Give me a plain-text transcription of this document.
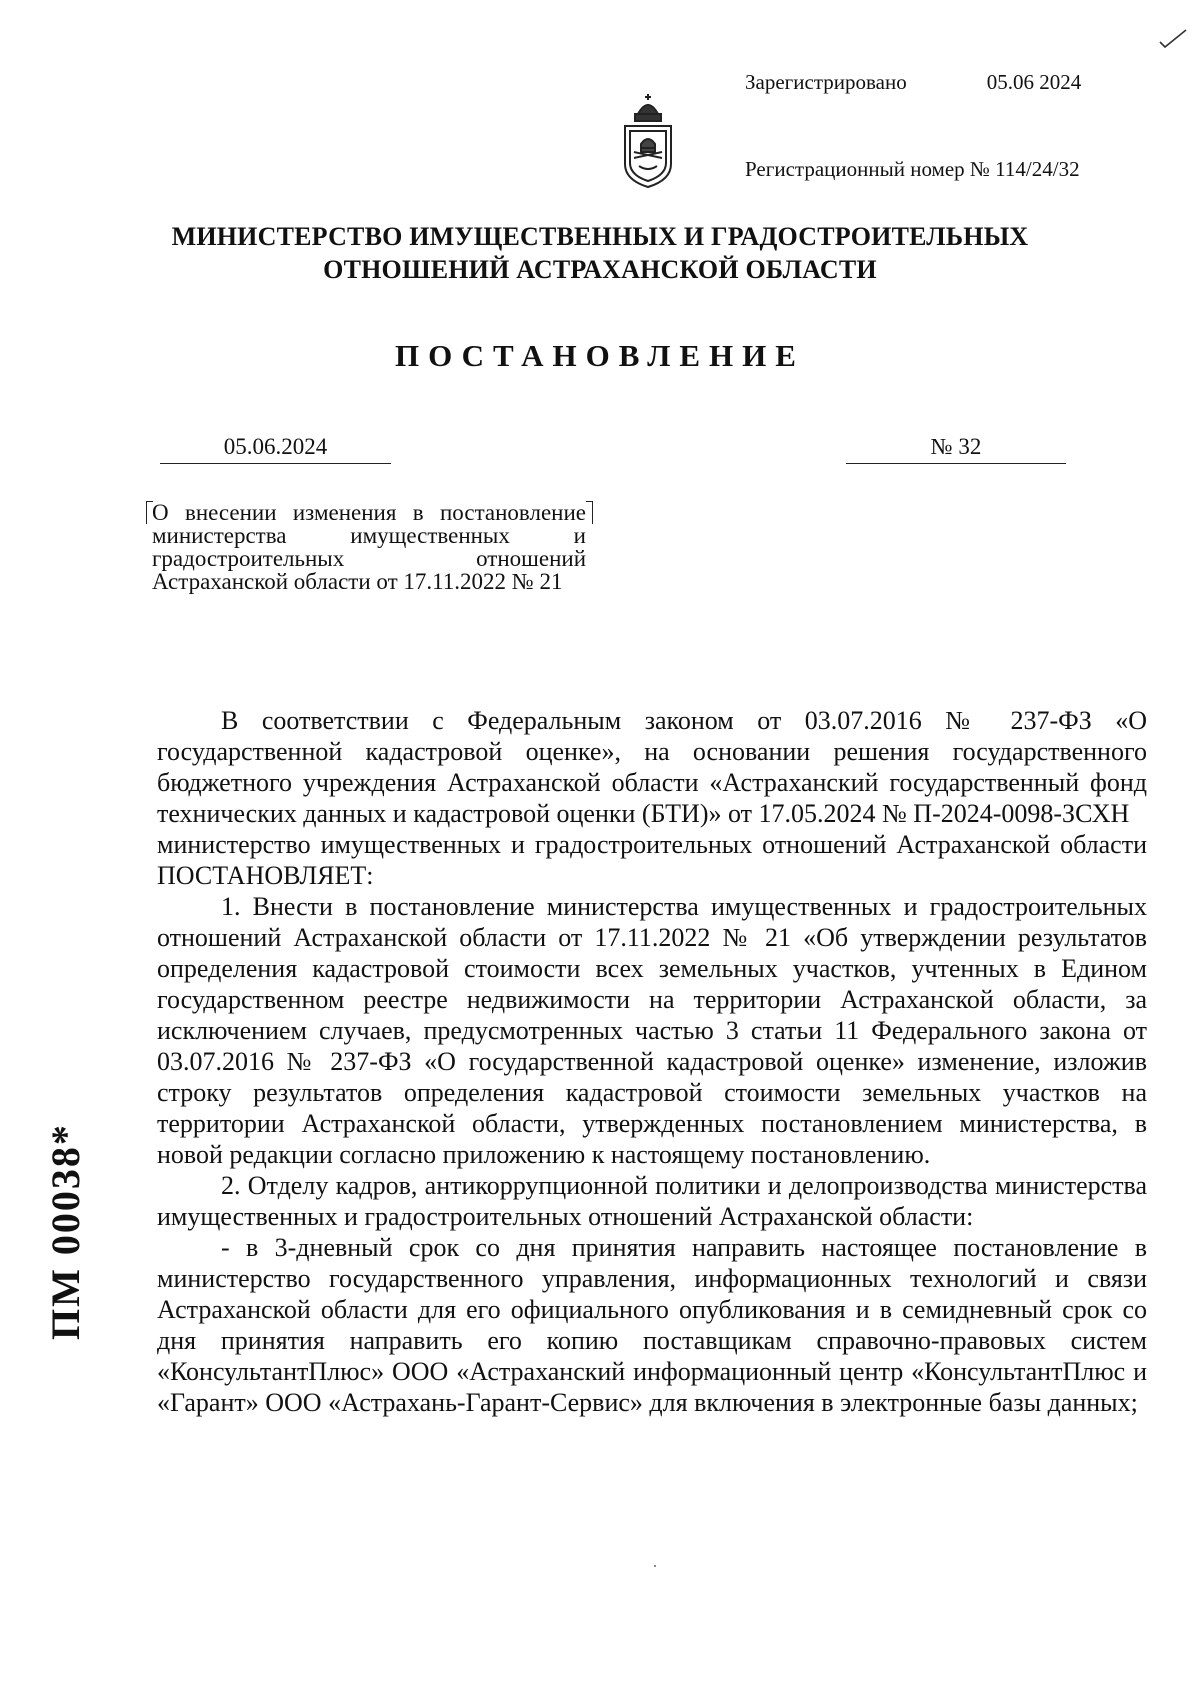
Зарегистрировано	05.06 2024

Регистрационный номер № 114/24/32

МИНИСТЕРСТВО ИМУЩЕСТВЕННЫХ И ГРАДОСТРОИТЕЛЬНЫХ
ОТНОШЕНИЙ АСТРАХАНСКОЙ ОБЛАСТИ
ПОСТАНОВЛЕНИЕ
05.06.2024	№ 32
О внесении изменения в постановление министерства имущественных и градостроительных отношений Астраханской области от 17.11.2022 № 21

В соответствии с Федеральным законом от 03.07.2016 № 237-ФЗ «О государственной кадастровой оценке», на основании решения государственного бюджетного учреждения Астраханской области «Астраханский государственный фонд технических данных и кадастровой оценки (БТИ)» от 17.05.2024 № П-2024-0098-ЗСХН

министерство имущественных и градостроительных отношений Астраханской области ПОСТАНОВЛЯЕТ:

1. Внести в постановление министерства имущественных и градостроительных отношений Астраханской области от 17.11.2022 № 21 «Об утверждении результатов определения кадастровой стоимости всех земельных участков, учтенных в Едином государственном реестре недвижимости на территории Астраханской области, за исключением случаев, предусмотренных частью 3 статьи 11 Федерального закона от 03.07.2016 № 237-ФЗ «О государственной кадастровой оценке» изменение, изложив строку результатов определения кадастровой стоимости земельных участков на территории Астраханской области, утвержденных постановлением министерства, в новой редакции согласно приложению к настоящему постановлению.

2. Отделу кадров, антикоррупционной политики и делопроизводства министерства имущественных и градостроительных отношений Астраханской области:

- в 3-дневный срок со дня принятия направить настоящее постановление в министерство государственного управления, информационных технологий и связи Астраханской области для его официального опубликования и в семидневный срок со дня принятия направить его копию поставщикам справочно-правовых систем «КонсультантПлюс» ООО «Астраханский информационный центр «КонсультантПлюс и «Гарант» ООО «Астрахань-Гарант-Сервис» для включения в электронные базы данных;

ПМ 00038*
